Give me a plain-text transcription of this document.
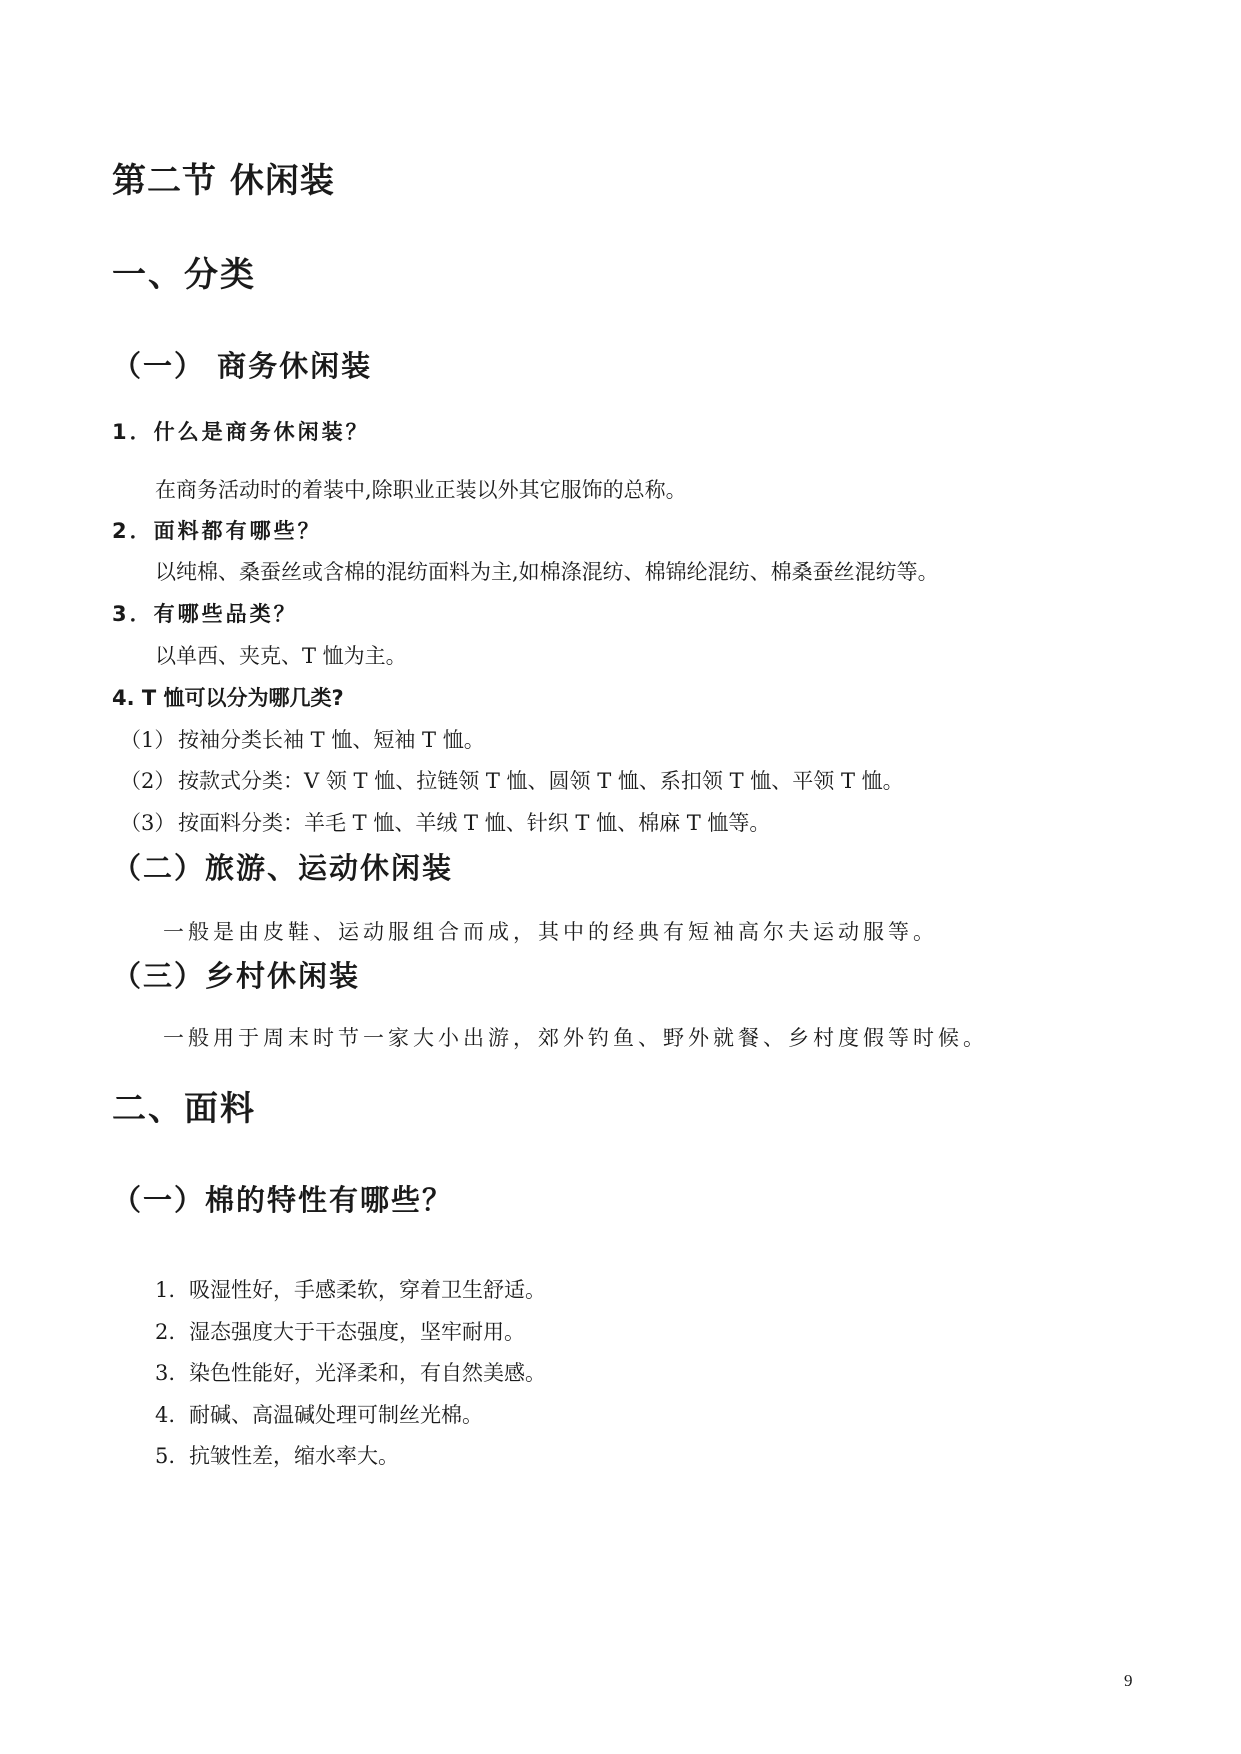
第二节 休闲装
一、分类
（一） 商务休闲装

1．什么是商务休闲装？

在商务活动时的着装中,除职业正装以外其它服饰的总称。

2．面料都有哪些？

以纯棉、桑蚕丝或含棉的混纺面料为主,如棉涤混纺、棉锦纶混纺、棉桑蚕丝混纺等。

3．有哪些品类？

以单西、夹克、T 恤为主。

4. T 恤可以分为哪几类?

（1） 按袖分类长袖 T 恤、短袖 T 恤。

（2） 按款式分类：V 领 T 恤、拉链领 T 恤、圆领 T 恤、系扣领 T 恤、平领 T 恤。

（3） 按面料分类：羊毛 T 恤、羊绒 T 恤、针织 T 恤、棉麻 T 恤等。

（二）旅游、运动休闲装

一般是由皮鞋、运动服组合而成，其中的经典有短袖高尔夫运动服等。

（三）乡村休闲装

一般用于周末时节一家大小出游，郊外钓鱼、野外就餐、乡村度假等时候。

二、面料
（一）棉的特性有哪些？

1. 吸湿性好，手感柔软，穿着卫生舒适。

2. 湿态强度大于干态强度，坚牢耐用。

3. 染色性能好，光泽柔和，有自然美感。

4. 耐碱、高温碱处理可制丝光棉。

5. 抗皱性差，缩水率大。

9
